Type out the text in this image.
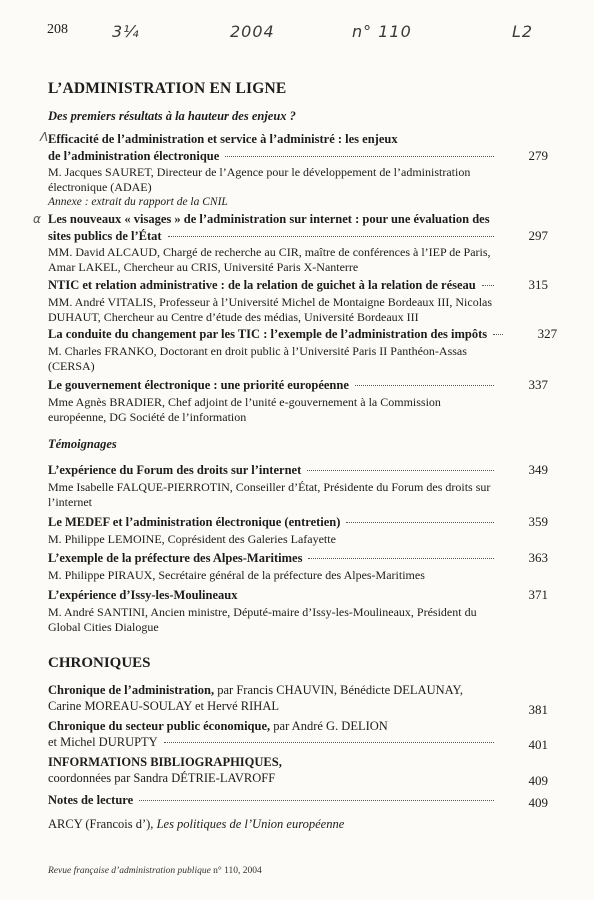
208	3¼	2004	n° 110	L2
L’ADMINISTRATION EN LIGNE
Des premiers résultats à la hauteur des enjeux ?
Λ Efficacité de l’administration et service à l’administré : les enjeux
de l’administration électronique	279
M. Jacques SAURET, Directeur de l’Agence pour le développement de l’administration électronique (ADAE)
Annexe : extrait du rapport de la CNIL
α Les nouveaux « visages » de l’administration sur internet : pour une évaluation des
sites publics de l’État	297
MM. David ALCAUD, Chargé de recherche au CIR, maître de conférences à l’IEP de Paris, Amar LAKEL, Chercheur au CRIS, Université Paris X-Nanterre
NTIC et relation administrative : de la relation de guichet à la relation de réseau	315
MM. André VITALIS, Professeur à l’Université Michel de Montaigne Bordeaux III, Nicolas DUHAUT, Chercheur au Centre d’étude des médias, Université Bordeaux III
La conduite du changement par les TIC : l’exemple de l’administration des impôts	327
M. Charles FRANKO, Doctorant en droit public à l’Université Paris II Panthéon-Assas (CERSA)
Le gouvernement électronique : une priorité européenne	337
Mme Agnès BRADIER, Chef adjoint de l’unité e-gouvernement à la Commission européenne, DG Société de l’information
Témoignages
L’expérience du Forum des droits sur l’internet	349
Mme Isabelle FALQUE-PIERROTIN, Conseiller d’État, Présidente du Forum des droits sur l’internet
Le MEDEF et l’administration électronique (entretien)	359
M. Philippe LEMOINE, Coprésident des Galeries Lafayette
L’exemple de la préfecture des Alpes-Maritimes	363
M. Philippe PIRAUX, Secrétaire général de la préfecture des Alpes-Maritimes
L’expérience d’Issy-les-Moulineaux	371
M. André SANTINI, Ancien ministre, Député-maire d’Issy-les-Moulineaux, Président du Global Cities Dialogue
CHRONIQUES
Chronique de l’administration, par Francis CHAUVIN, Bénédicte DELAUNAY,
Carine MOREAU-SOULAY et Hervé RIHAL	381
Chronique du secteur public économique, par André G. DELION
et Michel DURUPTY	401
INFORMATIONS BIBLIOGRAPHIQUES,
coordonnées par Sandra DÉTRIE-LAVROFF	409
Notes de lecture	409
ARCY (Francois d’), Les politiques de l’Union européenne
Revue française d’administration publique n° 110, 2004
